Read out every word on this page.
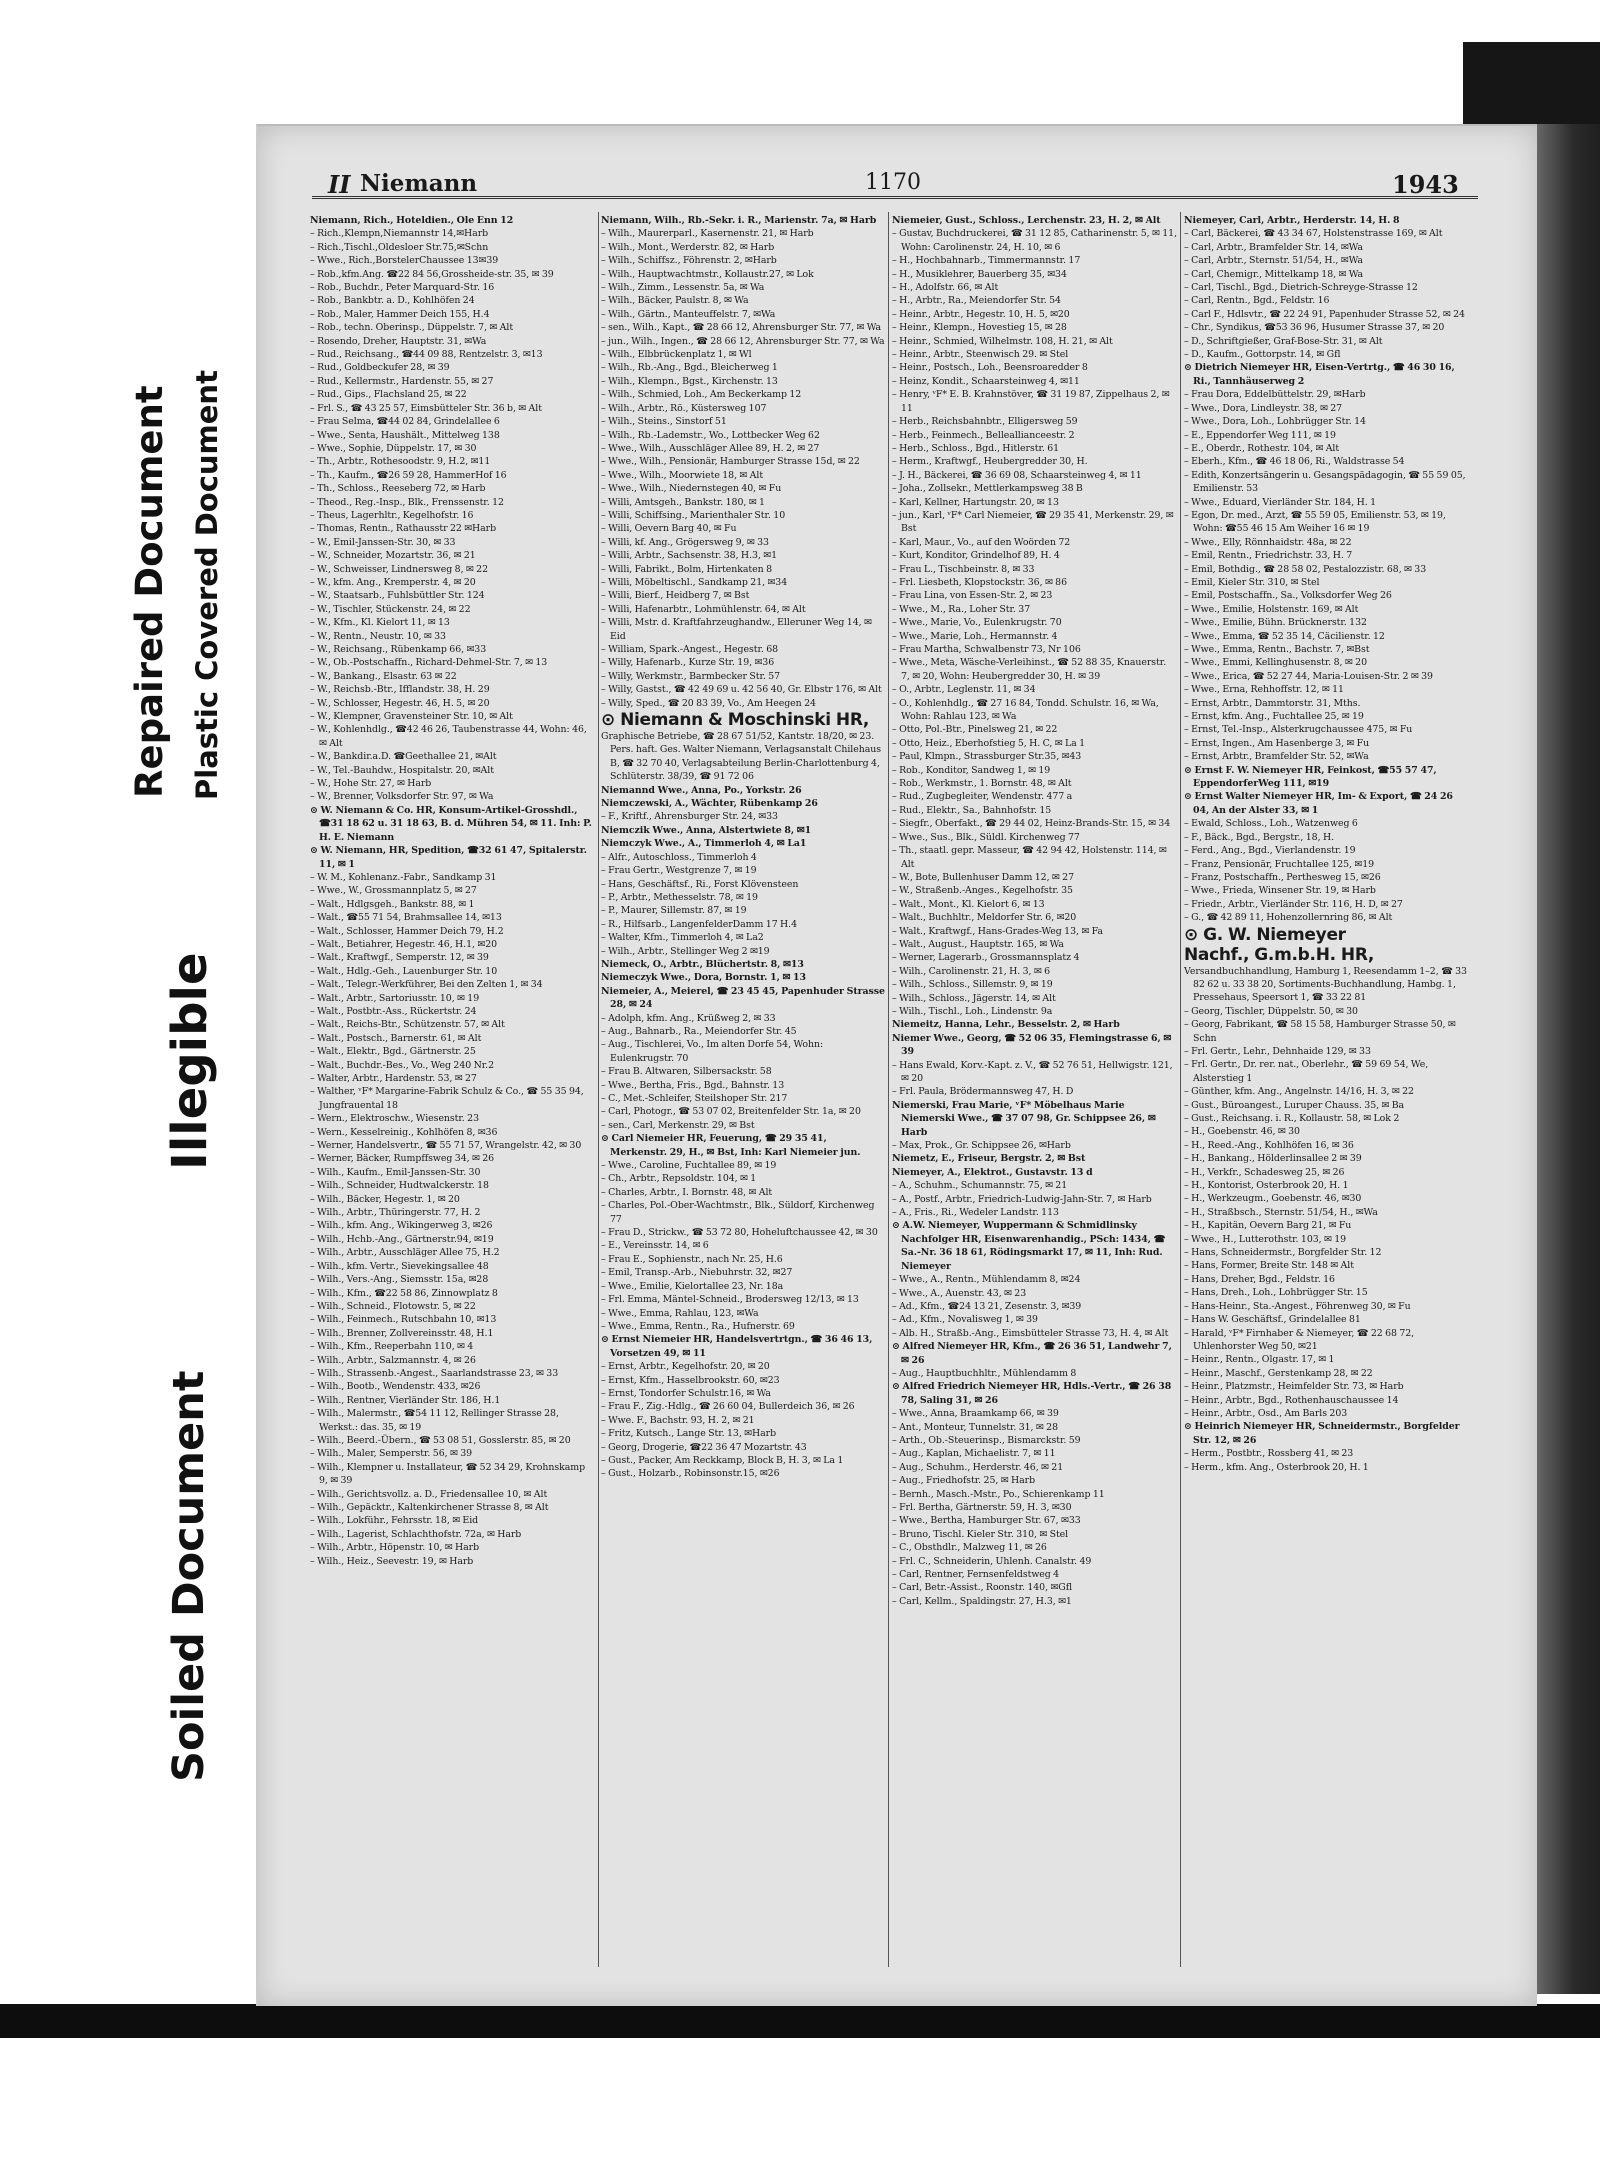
Repaired Document Plastic Covered Document
Illegible
Soiled Document
II Niemann	1170	1943
Niemann, Rich., Hoteldien., Ole Enn 12
– Rich.,Klempn,Niemannstr 14,✉Harb
– Rich.,Tischl.,Oldesloer Str.75,✉Schn
– Wwe., Rich.,BorstelerChaussee 13✉39
– Rob.,kfm.Ang. ☎22 84 56,Grossheide-str. 35, ✉ 39
– Rob., Buchdr., Peter Marquard-Str. 16
– Rob., Bankbtr. a. D., Kohlhöfen 24
– Rob., Maler, Hammer Deich 155, H.4
– Rob., techn. Oberinsp., Düppelstr. 7, ✉ Alt
– Rosendo, Dreher, Hauptstr. 31, ✉Wa
– Rud., Reichsang., ☎44 09 88, Rentzelstr. 3, ✉13
– Rud., Goldbeckufer 28, ✉ 39
– Rud., Kellermstr., Hardenstr. 55, ✉ 27
– Rud., Gips., Flachsland 25, ✉ 22
– Frl. S., ☎ 43 25 57, Eimsbütteler Str. 36 b, ✉ Alt
– Frau Selma, ☎44 02 84, Grindelallee 6
– Wwe., Senta, Haushält., Mittelweg 138
– Wwe., Sophie, Düppelstr. 17, ✉ 30
– Th., Arbtr., Rothesoodstr. 9, H.2, ✉11
– Th., Kaufm., ☎26 59 28, HammerHof 16
– Th., Schloss., Reeseberg 72, ✉ Harb
– Theod., Reg.-Insp., Blk., Frenssenstr. 12
– Theus, Lagerhltr., Kegelhofstr. 16
– Thomas, Rentn., Rathausstr 22 ✉Harb
– W., Emil-Janssen-Str. 30, ✉ 33
– W., Schneider, Mozartstr. 36, ✉ 21
– W., Schweisser, Lindnersweg 8, ✉ 22
– W., kfm. Ang., Kremperstr. 4, ✉ 20
– W., Staatsarb., Fuhlsbüttler Str. 124
– W., Tischler, Stückenstr. 24, ✉ 22
– W., Kfm., Kl. Kielort 11, ✉ 13
– W., Rentn., Neustr. 10, ✉ 33
– W., Reichsang., Rübenkamp 66, ✉33
– W., Ob.-Postschaffn., Richard-Dehmel-Str. 7, ✉ 13
– W., Bankang., Elsastr. 63 ✉ 22
– W., Reichsb.-Btr., Ifflandstr. 38, H. 29
– W., Schlosser, Hegestr. 46, H. 5, ✉ 20
– W., Klempner, Gravensteiner Str. 10, ✉ Alt
– W., Kohlenhdlg., ☎42 46 26, Taubenstrasse 44, Wohn: 46, ✉ Alt
– W., Bankdir.a.D. ☎Geethallee 21, ✉Alt
– W., Tel.-Bauhdw., Hospitalstr. 20, ✉Alt
– W., Hohe Str. 27, ✉ Harb
– W., Brenner, Volksdorfer Str. 97, ✉ Wa
⊙ W. Niemann & Co. HR, Konsum-Artikel-Grosshdl., ☎31 18 62 u. 31 18 63, B. d. Mühren 54, ✉ 11. Inh: P. H. E. Niemann
⊙ W. Niemann, HR, Spedition, ☎32 61 47, Spitalerstr. 11, ✉ 1
– W. M., Kohlenanz.-Fabr., Sandkamp 31
– Wwe., W., Grossmannplatz 5, ✉ 27
– Walt., Hdlgsgeh., Bankstr. 88, ✉ 1
– Walt., ☎55 71 54, Brahmsallee 14, ✉13
– Walt., Schlosser, Hammer Deich 79, H.2
– Walt., Betiahrer, Hegestr. 46, H.1, ✉20
– Walt., Kraftwgf., Semperstr. 12, ✉ 39
– Walt., Hdlg.-Geh., Lauenburger Str. 10
– Walt., Telegr.-Werkführer, Bei den Zelten 1, ✉ 34
– Walt., Arbtr., Sartoriusstr. 10, ✉ 19
– Walt., Postbtr.-Ass., Rückertstr. 24
– Walt., Reichs-Btr., Schützenstr. 57, ✉ Alt
– Walt., Postsch., Barnerstr. 61, ✉ Alt
– Walt., Elektr., Bgd., Gärtnerstr. 25
– Walt., Buchdr.-Bes., Vo., Weg 240 Nr.2
– Walter, Arbtr., Hardenstr. 53, ✉ 27
– Walther, ᵛF* Margarine-Fabrik Schulz & Co., ☎ 55 35 94, Jungfrauental 18
– Wern., Elektroschw., Wiesenstr. 23
– Wern., Kesselreinig., Kohlhöfen 8, ✉36
– Werner, Handelsvertr., ☎ 55 71 57, Wrangelstr. 42, ✉ 30
– Werner, Bäcker, Rumpffsweg 34, ✉ 26
– Wilh., Kaufm., Emil-Janssen-Str. 30
– Wilh., Schneider, Hudtwalckerstr. 18
– Wilh., Bäcker, Hegestr. 1, ✉ 20
– Wilh., Arbtr., Thüringerstr. 77, H. 2
– Wilh., kfm. Ang., Wikingerweg 3, ✉26
– Wilh., Hchb.-Ang., Gärtnerstr.94, ✉19
– Wilh., Arbtr., Ausschläger Allee 75, H.2
– Wilh., kfm. Vertr., Sievekingsallee 48
– Wilh., Vers.-Ang., Siemsstr. 15a, ✉28
– Wilh., Kfm., ☎22 58 86, Zinnowplatz 8
– Wilh., Schneid., Flotowstr. 5, ✉ 22
– Wilh., Feinmech., Rutschbahn 10, ✉13
– Wilh., Brenner, Zollvereinsstr. 48, H.1
– Wilh., Kfm., Reeperbahn 110, ✉ 4
– Wilh., Arbtr., Salzmannstr. 4, ✉ 26
– Wilh., Strassenb.-Angest., Saarlandstrasse 23, ✉ 33
– Wilh., Bootb., Wendenstr. 433, ✉26
– Wilh., Rentner, Vierländer Str. 186, H.1
– Wilh., Malermstr., ☎54 11 12, Rellinger Strasse 28, Werkst.: das. 35, ✉ 19
– Wilh., Beerd.-Übern., ☎ 53 08 51, Gosslerstr. 85, ✉ 20
– Wilh., Maler, Semperstr. 56, ✉ 39
– Wilh., Klempner u. Installateur, ☎ 52 34 29, Krohnskamp 9, ✉ 39
– Wilh., Gerichtsvollz. a. D., Friedensallee 10, ✉ Alt
– Wilh., Gepäcktr., Kaltenkirchener Strasse 8, ✉ Alt
– Wilh., Lokführ., Fehrsstr. 18, ✉ Eid
– Wilh., Lagerist, Schlachthofstr. 72a, ✉ Harb
– Wilh., Arbtr., Höpenstr. 10, ✉ Harb
– Wilh., Heiz., Seevestr. 19, ✉ Harb
Niemann, Wilh., Rb.-Sekr. i. R., Marienstr. 7a, ✉ Harb
– Wilh., Maurerparl., Kasernenstr. 21, ✉ Harb
– Wilh., Mont., Werderstr. 82, ✉ Harb
– Wilh., Schiffsz., Föhrenstr. 2, ✉Harb
– Wilh., Hauptwachtmstr., Kollaustr.27, ✉ Lok
– Wilh., Zimm., Lessenstr. 5a, ✉ Wa
– Wilh., Bäcker, Paulstr. 8, ✉ Wa
– Wilh., Gärtn., Manteuffelstr. 7, ✉Wa
– sen., Wilh., Kapt., ☎ 28 66 12, Ahrensburger Str. 77, ✉ Wa
– jun., Wilh., Ingen., ☎ 28 66 12, Ahrensburger Str. 77, ✉ Wa
– Wilh., Elbbrückenplatz 1, ✉ Wl
– Wilh., Rb.-Ang., Bgd., Bleicherweg 1
– Wilh., Klempn., Bgst., Kirchenstr. 13
– Wilh., Schmied, Loh., Am Beckerkamp 12
– Wilh., Arbtr., Rö., Küstersweg 107
– Wilh., Steins., Sinstorf 51
– Wilh., Rb.-Lademstr., Wo., Lottbecker Weg 62
– Wwe., Wilh., Ausschläger Allee 89, H. 2, ✉ 27
– Wwe., Wilh., Pensionär, Hamburger Strasse 15d, ✉ 22
– Wwe., Wilh., Moorwiete 18, ✉ Alt
– Wwe., Wilh., Niedernstegen 40, ✉ Fu
– Willi, Amtsgeh., Bankstr. 180, ✉ 1
– Willi, Schiffsing., Marienthaler Str. 10
– Willi, Oevern Barg 40, ✉ Fu
– Willi, kf. Ang., Grögersweg 9, ✉ 33
– Willi, Arbtr., Sachsenstr. 38, H.3, ✉1
– Willi, Fabrikt., Bolm, Hirtenkaten 8
– Willi, Möbeltischl., Sandkamp 21, ✉34
– Willi, Bierf., Heidberg 7, ✉ Bst
– Willi, Hafenarbtr., Lohmühlenstr. 64, ✉ Alt
– Willi, Mstr. d. Kraftfahrzeughandw., Elleruner Weg 14, ✉ Eid
– William, Spark.-Angest., Hegestr. 68
– Willy, Hafenarb., Kurze Str. 19, ✉36
– Willy, Werkmstr., Barmbecker Str. 57
– Willy, Gastst., ☎ 42 49 69 u. 42 56 40, Gr. Elbstr 176, ✉ Alt
– Willy, Sped., ☎ 20 83 39, Vo., Am Heegen 24
⊙ Niemann & Moschinski HR,
Graphische Betriebe, ☎ 28 67 51/52, Kantstr. 18/20, ✉ 23. Pers. haft. Ges. Walter Niemann, Verlagsanstalt Chilehaus B, ☎ 32 70 40, Verlagsabteilung Berlin-Charlottenburg 4, Schlüterstr. 38/39, ☎ 91 72 06
Niemannd Wwe., Anna, Po., Yorkstr. 26
Niemczewski, A., Wächter, Rübenkamp 26
– F., Kriftf., Ahrensburger Str. 24, ✉33
Niemczik Wwe., Anna, Alstertwiete 8, ✉1
Niemczyk Wwe., A., Timmerloh 4, ✉ La1
– Alfr., Autoschloss., Timmerloh 4
– Frau Gertr., Westgrenze 7, ✉ 19
– Hans, Geschäftsf., Ri., Forst Klövensteen
– P., Arbtr., Methesselstr. 78, ✉ 19
– P., Maurer, Sillemstr. 87, ✉ 19
– R., Hilfsarb., LangenfelderDamm 17 H.4
– Walter, Kfm., Timmerloh 4, ✉ La2
– Wilh., Arbtr., Stellinger Weg 2 ✉19
Niemeck, O., Arbtr., Blüchertstr. 8, ✉13
Niemeczyk Wwe., Dora, Bornstr. 1, ✉ 13
Niemeier, A., Meierel, ☎ 23 45 45, Papenhuder Strasse 28, ✉ 24
– Adolph, kfm. Ang., Krüßweg 2, ✉ 33
– Aug., Bahnarb., Ra., Meiendorfer Str. 45
– Aug., Tischlerei, Vo., Im alten Dorfe 54, Wohn: Eulenkrugstr. 70
– Frau B. Altwaren, Silbersackstr. 58
– Wwe., Bertha, Fris., Bgd., Bahnstr. 13
– C., Met.-Schleifer, Steilshoper Str. 217
– Carl, Photogr., ☎ 53 07 02, Breitenfelder Str. 1a, ✉ 20
– sen., Carl, Merkenstr. 29, ✉ Bst
⊙ Carl Niemeier HR, Feuerung, ☎ 29 35 41, Merkenstr. 29, H., ✉ Bst, Inh: Karl Niemeier jun.
– Wwe., Caroline, Fuchtallee 89, ✉ 19
– Ch., Arbtr., Repsoldstr. 104, ✉ 1
– Charles, Arbtr., I. Bornstr. 48, ✉ Alt
– Charles, Pol.-Ober-Wachtmstr., Blk., Süldorf, Kirchenweg 77
– Frau D., Strickw., ☎ 53 72 80, Hoheluftchaussee 42, ✉ 30
– E., Vereinsstr. 14, ✉ 6
– Frau E., Sophienstr., nach Nr. 25, H.6
– Emil, Transp.-Arb., Niebuhrstr. 32, ✉27
– Wwe., Emilie, Kielortallee 23, Nr. 18a
– Frl. Emma, Mäntel-Schneid., Brodersweg 12/13, ✉ 13
– Wwe., Emma, Rahlau, 123, ✉Wa
– Wwe., Emma, Rentn., Ra., Hufnerstr. 69
⊙ Ernst Niemeier HR, Handelsvertrtgn., ☎ 36 46 13, Vorsetzen 49, ✉ 11
– Ernst, Arbtr., Kegelhofstr. 20, ✉ 20
– Ernst, Kfm., Hasselbrookstr. 60, ✉23
– Ernst, Tondorfer Schulstr.16, ✉ Wa
– Frau F., Zig.-Hdlg., ☎ 26 60 04, Bullerdeich 36, ✉ 26
– Wwe. F., Bachstr. 93, H. 2, ✉ 21
– Fritz, Kutsch., Lange Str. 13, ✉Harb
– Georg, Drogerie, ☎22 36 47 Mozartstr. 43
– Gust., Packer, Am Reckkamp, Block B, H. 3, ✉ La 1
– Gust., Holzarb., Robinsonstr.15, ✉26
Niemeier, Gust., Schloss., Lerchenstr. 23, H. 2, ✉ Alt
– Gustav, Buchdruckerei, ☎ 31 12 85, Catharinenstr. 5, ✉ 11, Wohn: Carolinenstr. 24, H. 10, ✉ 6
– H., Hochbahnarb., Timmermannstr. 17
– H., Musiklehrer, Bauerberg 35, ✉34
– H., Adolfstr. 66, ✉ Alt
– H., Arbtr., Ra., Meiendorfer Str. 54
– Heinr., Arbtr., Hegestr. 10, H. 5, ✉20
– Heinr., Klempn., Hovestieg 15, ✉ 28
– Heinr., Schmied, Wilhelmstr. 108, H. 21, ✉ Alt
– Heinr., Arbtr., Steenwisch 29. ✉ Stel
– Heinr., Postsch., Loh., Beensroaredder 8
– Heinz, Kondit., Schaarsteinweg 4, ✉11
– Henry, ᵛF* E. B. Krahnstöver, ☎ 31 19 87, Zippelhaus 2, ✉ 11
– Herb., Reichsbahnbtr., Elligersweg 59
– Herb., Feinmech., Belleallianceestr. 2
– Herb., Schloss., Bgd., Hitlerstr. 61
– Herm., Kraftwgf., Heubergredder 30, H.
– J. H., Bäckerei, ☎ 36 69 08, Schaarsteinweg 4, ✉ 11
– Joha., Zollsekr., Mettlerkampsweg 38 B
– Karl, Kellner, Hartungstr. 20, ✉ 13
– jun., Karl, ᵛF* Carl Niemeier, ☎ 29 35 41, Merkenstr. 29, ✉ Bst
– Karl, Maur., Vo., auf den Woörden 72
– Kurt, Konditor, Grindelhof 89, H. 4
– Frau L., Tischbeinstr. 8, ✉ 33
– Frl. Liesbeth, Klopstockstr. 36, ✉ 86
– Frau Lina, von Essen-Str. 2, ✉ 23
– Wwe., M., Ra., Loher Str. 37
– Wwe., Marie, Vo., Eulenkrugstr. 70
– Wwe., Marie, Loh., Hermannstr. 4
– Frau Martha, Schwalbenstr 73, Nr 106
– Wwe., Meta, Wäsche-Verleihinst., ☎ 52 88 35, Knauerstr. 7, ✉ 20, Wohn: Heubergredder 30, H. ✉ 39
– O., Arbtr., Leglenstr. 11, ✉ 34
– O., Kohlenhdlg., ☎ 27 16 84, Tondd. Schulstr. 16, ✉ Wa, Wohn: Rahlau 123, ✉ Wa
– Otto, Pol.-Btr., Pinelsweg 21, ✉ 22
– Otto, Heiz., Eberhofstieg 5, H. C, ✉ La 1
– Paul, Klmpn., Strassburger Str.35, ✉43
– Rob., Konditor, Sandweg 1, ✉ 19
– Rob., Werkmstr., 1. Bornstr. 48, ✉ Alt
– Rud., Zugbegleiter, Wendenstr. 477 a
– Rud., Elektr., Sa., Bahnhofstr. 15
– Siegfr., Oberfakt., ☎ 29 44 02, Heinz-Brands-Str. 15, ✉ 34
– Wwe., Sus., Blk., Süldl. Kirchenweg 77
– Th., staatl. gepr. Masseur, ☎ 42 94 42, Holstenstr. 114, ✉ Alt
– W., Bote, Bullenhuser Damm 12, ✉ 27
– W., Straßenb.-Anges., Kegelhofstr. 35
– Walt., Mont., Kl. Kielort 6, ✉ 13
– Walt., Buchhltr., Meldorfer Str. 6, ✉20
– Walt., Kraftwgf., Hans-Grades-Weg 13, ✉ Fa
– Walt., August., Hauptstr. 165, ✉ Wa
– Werner, Lagerarb., Grossmannsplatz 4
– Wilh., Carolinenstr. 21, H. 3, ✉ 6
– Wilh., Schloss., Sillemstr. 9, ✉ 19
– Wilh., Schloss., Jägerstr. 14, ✉ Alt
– Wilh., Tischl., Loh., Lindenstr. 9a
Niemeitz, Hanna, Lehr., Besselstr. 2, ✉ Harb
Niemer Wwe., Georg, ☎ 52 06 35, Flemingstrasse 6, ✉ 39
– Hans Ewald, Korv.-Kapt. z. V., ☎ 52 76 51, Hellwigstr. 121, ✉ 20
– Frl. Paula, Brödermannsweg 47, H. D
Niemerski, Frau Marie, ᵛF* Möbelhaus Marie Niemerski Wwe., ☎ 37 07 98, Gr. Schippsee 26, ✉ Harb
– Max, Prok., Gr. Schippsee 26, ✉Harb
Niemetz, E., Friseur, Bergstr. 2, ✉ Bst
Niemeyer, A., Elektrot., Gustavstr. 13 d
– A., Schuhm., Schumannstr. 75, ✉ 21
– A., Postf., Arbtr., Friedrich-Ludwig-Jahn-Str. 7, ✉ Harb
– A., Fris., Ri., Wedeler Landstr. 113
⊙ A.W. Niemeyer, Wuppermann & Schmidlinsky Nachfolger HR, Eisenwarenhandig., PSch: 1434, ☎ Sa.-Nr. 36 18 61, Rödingsmarkt 17, ✉ 11, Inh: Rud. Niemeyer
– Wwe., A., Rentn., Mühlendamm 8, ✉24
– Wwe., A., Auenstr. 43, ✉ 23
– Ad., Kfm., ☎24 13 21, Zesenstr. 3, ✉39
– Ad., Kfm., Novalisweg 1, ✉ 39
– Alb. H., Straßb.-Ang., Eimsbütteler Strasse 73, H. 4, ✉ Alt
⊙ Alfred Niemeyer HR, Kfm., ☎ 26 36 51, Landwehr 7, ✉ 26
– Aug., Hauptbuchhltr., Mühlendamm 8
⊙ Alfred Friedrich Niemeyer HR, Hdls.-Vertr., ☎ 26 38 78, Saling 31, ✉ 26
– Wwe., Anna, Braamkamp 66, ✉ 39
– Ant., Monteur, Tunnelstr. 31, ✉ 28
– Arth., Ob.-Steuerinsp., Bismarckstr. 59
– Aug., Kaplan, Michaelistr. 7, ✉ 11
– Aug., Schuhm., Herderstr. 46, ✉ 21
– Aug., Friedhofstr. 25, ✉ Harb
– Bernh., Masch.-Mstr., Po., Schierenkamp 11
– Frl. Bertha, Gärtnerstr. 59, H. 3, ✉30
– Wwe., Bertha, Hamburger Str. 67, ✉33
– Bruno, Tischl. Kieler Str. 310, ✉ Stel
– C., Obsthdlr., Malzweg 11, ✉ 26
– Frl. C., Schneiderin, Uhlenh. Canalstr. 49
– Carl, Rentner, Fernsenfeldstweg 4
– Carl, Betr.-Assist., Roonstr. 140, ✉Gfl
– Carl, Kellm., Spaldingstr. 27, H.3, ✉1
Niemeyer, Carl, Arbtr., Herderstr. 14, H. 8
– Carl, Bäckerei, ☎ 43 34 67, Holstenstrasse 169, ✉ Alt
– Carl, Arbtr., Bramfelder Str. 14, ✉Wa
– Carl, Arbtr., Sternstr. 51/54, H., ✉Wa
– Carl, Chemigr., Mittelkamp 18, ✉ Wa
– Carl, Tischl., Bgd., Dietrich-Schreyge-Strasse 12
– Carl, Rentn., Bgd., Feldstr. 16
– Carl F., Hdlsvtr., ☎ 22 24 91, Papenhuder Strasse 52, ✉ 24
– Chr., Syndikus, ☎53 36 96, Husumer Strasse 37, ✉ 20
– D., Schriftgießer, Graf-Bose-Str. 31, ✉ Alt
– D., Kaufm., Gottorpstr. 14, ✉ Gfl
⊙ Dietrich Niemeyer HR, Eisen-Vertrtg., ☎ 46 30 16, Ri., Tannhäuserweg 2
– Frau Dora, Eddelbüttelstr. 29, ✉Harb
– Wwe., Dora, Lindleystr. 38, ✉ 27
– Wwe., Dora, Loh., Lohbrügger Str. 14
– E., Eppendorfer Weg 111, ✉ 19
– E., Oberdr., Rothestr. 104, ✉ Alt
– Eberh., Kfm., ☎ 46 18 06, Ri., Waldstrasse 54
– Edith, Konzertsängerin u. Gesangspädagogin, ☎ 55 59 05, Emilienstr. 53
– Wwe., Eduard, Vierländer Str. 184, H. 1
– Egon, Dr. med., Arzt, ☎ 55 59 05, Emilienstr. 53, ✉ 19, Wohn: ☎55 46 15 Am Weiher 16 ✉ 19
– Wwe., Elly, Rönnhaidstr. 48a, ✉ 22
– Emil, Rentn., Friedrichstr. 33, H. 7
– Emil, Bothdig., ☎ 28 58 02, Pestalozzistr. 68, ✉ 33
– Emil, Kieler Str. 310, ✉ Stel
– Emil, Postschaffn., Sa., Volksdorfer Weg 26
– Wwe., Emilie, Holstenstr. 169, ✉ Alt
– Wwe., Emilie, Bühn. Brücknerstr. 132
– Wwe., Emma, ☎ 52 35 14, Cäcilienstr. 12
– Wwe., Emma, Rentn., Bachstr. 7, ✉Bst
– Wwe., Emmi, Kellinghusenstr. 8, ✉ 20
– Wwe., Erica, ☎ 52 27 44, Maria-Louisen-Str. 2 ✉ 39
– Wwe., Erna, Rehhoffstr. 12, ✉ 11
– Ernst, Arbtr., Dammtorstr. 31, Mths.
– Ernst, kfm. Ang., Fuchtallee 25, ✉ 19
– Ernst, Tel.-Insp., Alsterkrugchaussee 475, ✉ Fu
– Ernst, Ingen., Am Hasenberge 3, ✉ Fu
– Ernst, Arbtr., Bramfelder Str. 52, ✉Wa
⊙ Ernst F. W. Niemeyer HR, Feinkost, ☎55 57 47, EppendorferWeg 111, ✉19
⊙ Ernst Walter Niemeyer HR, Im- & Export, ☎ 24 26 04, An der Alster 33, ✉ 1
– Ewald, Schloss., Loh., Watzenweg 6
– F., Bäck., Bgd., Bergstr., 18, H.
– Ferd., Ang., Bgd., Vierlandenstr. 19
– Franz, Pensionär, Fruchtallee 125, ✉19
– Franz, Postschaffn., Perthesweg 15, ✉26
– Wwe., Frieda, Winsener Str. 19, ✉ Harb
– Friedr., Arbtr., Vierländer Str. 116, H. D, ✉ 27
– G., ☎ 42 89 11, Hohenzollernring 86, ✉ Alt
⊙ G. W. Niemeyer
Nachf., G.m.b.H. HR,
Versandbuchhandlung, Hamburg 1, Reesendamm 1–2, ☎ 33 82 62 u. 33 38 20, Sortiments-Buchhandlung, Hambg. 1, Pressehaus, Speersort 1, ☎ 33 22 81
– Georg, Tischler, Düppelstr. 50, ✉ 30
– Georg, Fabrikant, ☎ 58 15 58, Hamburger Strasse 50, ✉ Schn
– Frl. Gertr., Lehr., Dehnhaide 129, ✉ 33
– Frl. Gertr., Dr. rer. nat., Oberlehr., ☎ 59 69 54, We, Alsterstieg 1
– Günther, kfm. Ang., Angelnstr. 14/16, H. 3, ✉ 22
– Gust., Büroangest., Luruper Chauss. 35, ✉ Ba
– Gust., Reichsang. i. R., Kollaustr. 58, ✉ Lok 2
– H., Goebenstr. 46, ✉ 30
– H., Reed.-Ang., Kohlhöfen 16, ✉ 36
– H., Bankang., Hölderlinsallee 2 ✉ 39
– H., Verkfr., Schadesweg 25, ✉ 26
– H., Kontorist, Osterbrook 20, H. 1
– H., Werkzeugm., Goebenstr. 46, ✉30
– H., Straßbsch., Sternstr. 51/54, H., ✉Wa
– H., Kapitän, Oevern Barg 21, ✉ Fu
– Wwe., H., Lutterothstr. 103, ✉ 19
– Hans, Schneidermstr., Borgfelder Str. 12
– Hans, Former, Breite Str. 148 ✉ Alt
– Hans, Dreher, Bgd., Feldstr. 16
– Hans, Dreh., Loh., Lohbrügger Str. 15
– Hans-Heinr., Sta.-Angest., Föhrenweg 30, ✉ Fu
– Hans W. Geschäftsf., Grindelallee 81
– Harald, ᵛF* Firnhaber & Niemeyer, ☎ 22 68 72, Uhlenhorster Weg 50, ✉21
– Heinr., Rentn., Olgastr. 17, ✉ 1
– Heinr., Maschf., Gerstenkamp 28, ✉ 22
– Heinr., Platzmstr., Heimfelder Str. 73, ✉ Harb
– Heinr., Arbtr., Bgd., Rothenhauschaussee 14
– Heinr., Arbtr., Osd., Am Barls 203
⊙ Heinrich Niemeyer HR, Schneidermstr., Borgfelder Str. 12, ✉ 26
– Herm., Postbtr., Rossberg 41, ✉ 23
– Herm., kfm. Ang., Osterbrook 20, H. 1
